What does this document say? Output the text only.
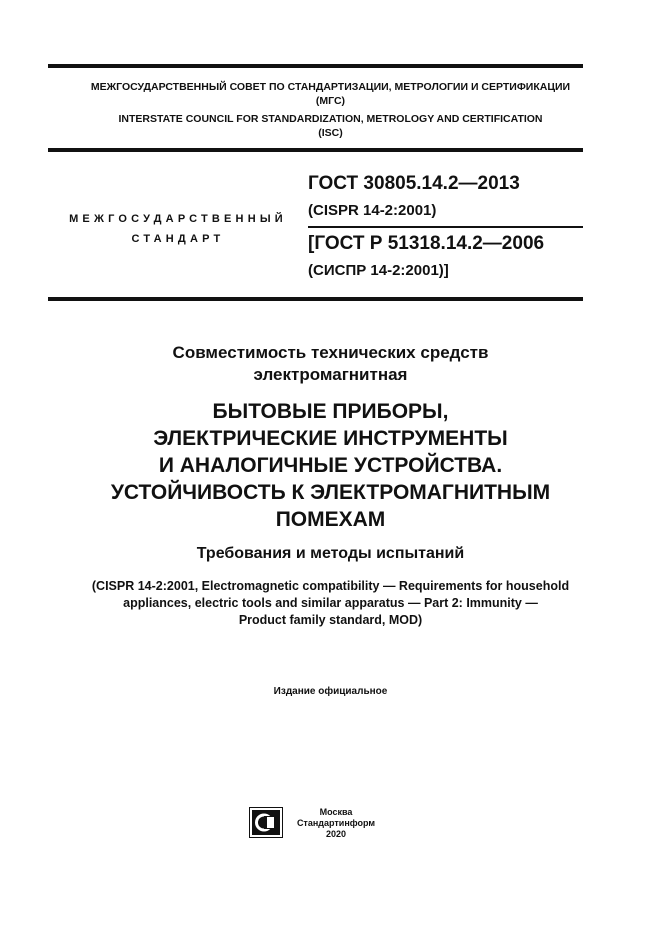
МЕЖГОСУДАРСТВЕННЫЙ СОВЕТ ПО СТАНДАРТИЗАЦИИ, МЕТРОЛОГИИ И СЕРТИФИКАЦИИ
(МГС)
INTERSTATE COUNCIL FOR STANDARDIZATION, METROLOGY AND CERTIFICATION
(ISC)
МЕЖГОСУДАРСТВЕННЫЙ
СТАНДАРТ
ГОСТ 30805.14.2—2013
(CISPR 14-2:2001)
[ГОСТ Р 51318.14.2—2006
(СИСПР 14-2:2001)]
Совместимость технических средств
электромагнитная
БЫТОВЫЕ ПРИБОРЫ,
ЭЛЕКТРИЧЕСКИЕ ИНСТРУМЕНТЫ
И АНАЛОГИЧНЫЕ УСТРОЙСТВА.
УСТОЙЧИВОСТЬ К ЭЛЕКТРОМАГНИТНЫМ
ПОМЕХАМ
Требования и методы испытаний
(CISPR 14-2:2001, Electromagnetic compatibility — Requirements for household
appliances, electric tools and similar apparatus — Part 2: Immunity —
Product family standard, MOD)
Издание официальное
Москва
Стандартинформ
2020
